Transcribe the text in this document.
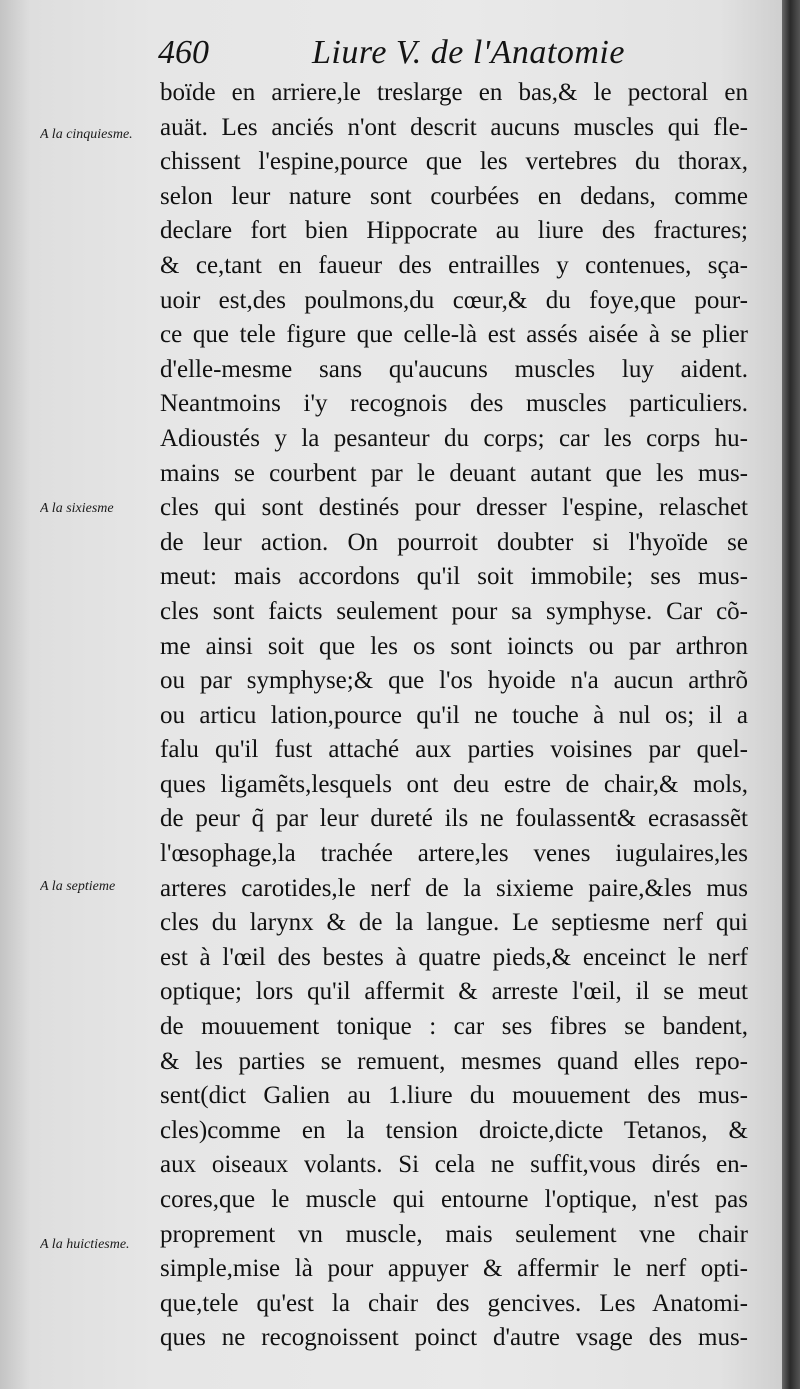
460	Liure V. de l'Anatomie
A la cinquiesme.
A la sixiesme
A la septieme
A la huictiesme.
boïde en arriere,le treslarge en bas,& le pectoral en
auät. Les anciés n'ont descrit aucuns muscles qui fle-
chissent l'espine,pource que les vertebres du thorax,
selon leur nature sont courbées en dedans, comme
declare fort bien Hippocrate au liure des fractures;
& ce,tant en faueur des entrailles y contenues, sça-
uoir est,des poulmons,du cœur,& du foye,que pour-
ce que tele figure que celle-là est assés aisée à se plier
d'elle-mesme sans qu'aucuns muscles luy aident.
Neantmoins i'y recognois des muscles particuliers.
Adioustés y la pesanteur du corps; car les corps hu-
mains se courbent par le deuant autant que les mus-
cles qui sont destinés pour dresser l'espine, relaschet
de leur action. On pourroit doubter si l'hyoïde se
meut: mais accordons qu'il soit immobile; ses mus-
cles sont faicts seulement pour sa symphyse. Car cõ-
me ainsi soit que les os sont ioincts ou par arthron
ou par symphyse;& que l'os hyoide n'a aucun arthrõ
ou articu lation,pource qu'il ne touche à nul os; il a
falu qu'il fust attaché aux parties voisines par quel-
ques ligamẽts,lesquels ont deu estre de chair,& mols,
de peur q̃ par leur dureté ils ne foulassent& ecrasassẽt
l'œsophage,la trachée artere,les venes iugulaires,les
arteres carotides,le nerf de la sixieme paire,&les mus
cles du larynx & de la langue. Le septiesme nerf qui
est à l'œil des bestes à quatre pieds,& enceinct le nerf
optique; lors qu'il affermit & arreste l'œil, il se meut
de mouuement tonique : car ses fibres se bandent,
& les parties se remuent, mesmes quand elles repo-
sent(dict Galien au 1.liure du mouuement des mus-
cles)comme en la tension droicte,dicte Tetanos, &
aux oiseaux volants. Si cela ne suffit,vous dirés en-
cores,que le muscle qui entourne l'optique, n'est pas
proprement vn muscle, mais seulement vne chair
simple,mise là pour appuyer & affermir le nerf opti-
que,tele qu'est la chair des gencives. Les Anatomi-
ques ne recognoissent poinct d'autre vsage des mus-
